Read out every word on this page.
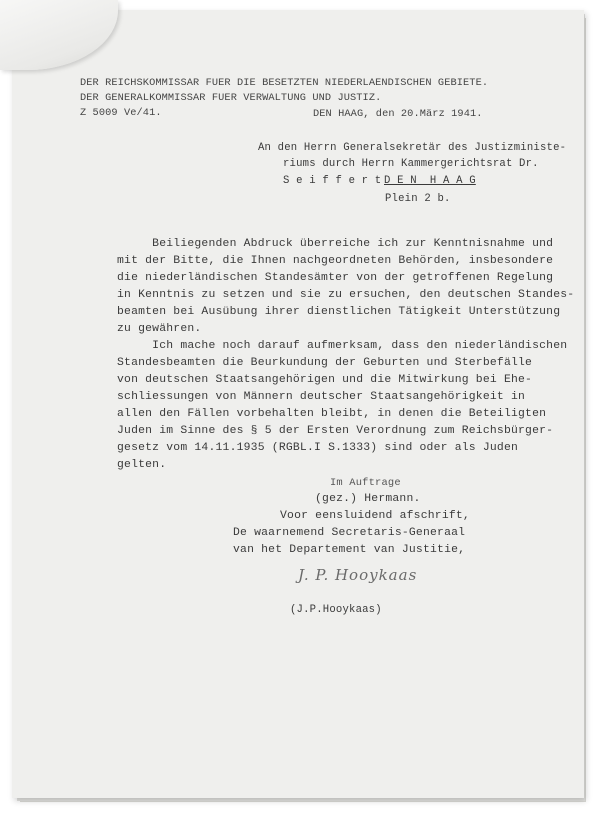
DER REICHSKOMMISSAR FUER DIE BESETZTEN NIEDERLAENDISCHEN GEBIETE.
DER GENERALKOMMISSAR FUER VERWALTUNG UND JUSTIZ.
Z 5009 Ve/41.	DEN HAAG, den 20.März 1941.
An den Herrn Generalsekretär des Justizministe-
riums durch Herrn Kammergerichtsrat Dr.
S e i f f e r t D E N  H A A G
Plein 2 b.
Beiliegenden Abdruck überreiche ich zur Kenntnisnahme und
mit der Bitte, die Ihnen nachgeordneten Behörden, insbesondere
die niederländischen Standesämter von der getroffenen Regelung
in Kenntnis zu setzen und sie zu ersuchen, den deutschen Standes-
beamten bei Ausübung ihrer dienstlichen Tätigkeit Unterstützung
zu gewähren.
Ich mache noch darauf aufmerksam, dass den niederländischen
Standesbeamten die Beurkundung der Geburten und Sterbefälle
von deutschen Staatsangehörigen und die Mitwirkung bei Ehe-
schliessungen von Männern deutscher Staatsangehörigkeit in
allen den Fällen vorbehalten bleibt, in denen die Beteiligten
Juden im Sinne des § 5 der Ersten Verordnung zum Reichsbürger-
gesetz vom 14.11.1935 (RGBL.I S.1333) sind oder als Juden
gelten.
Im Auftrage
(gez.) Hermann.
Voor eensluidend afschrift,
De waarnemend Secretaris-Generaal
van het Departement van Justitie,
J. P. Hooykaas
(J.P.Hooykaas)
